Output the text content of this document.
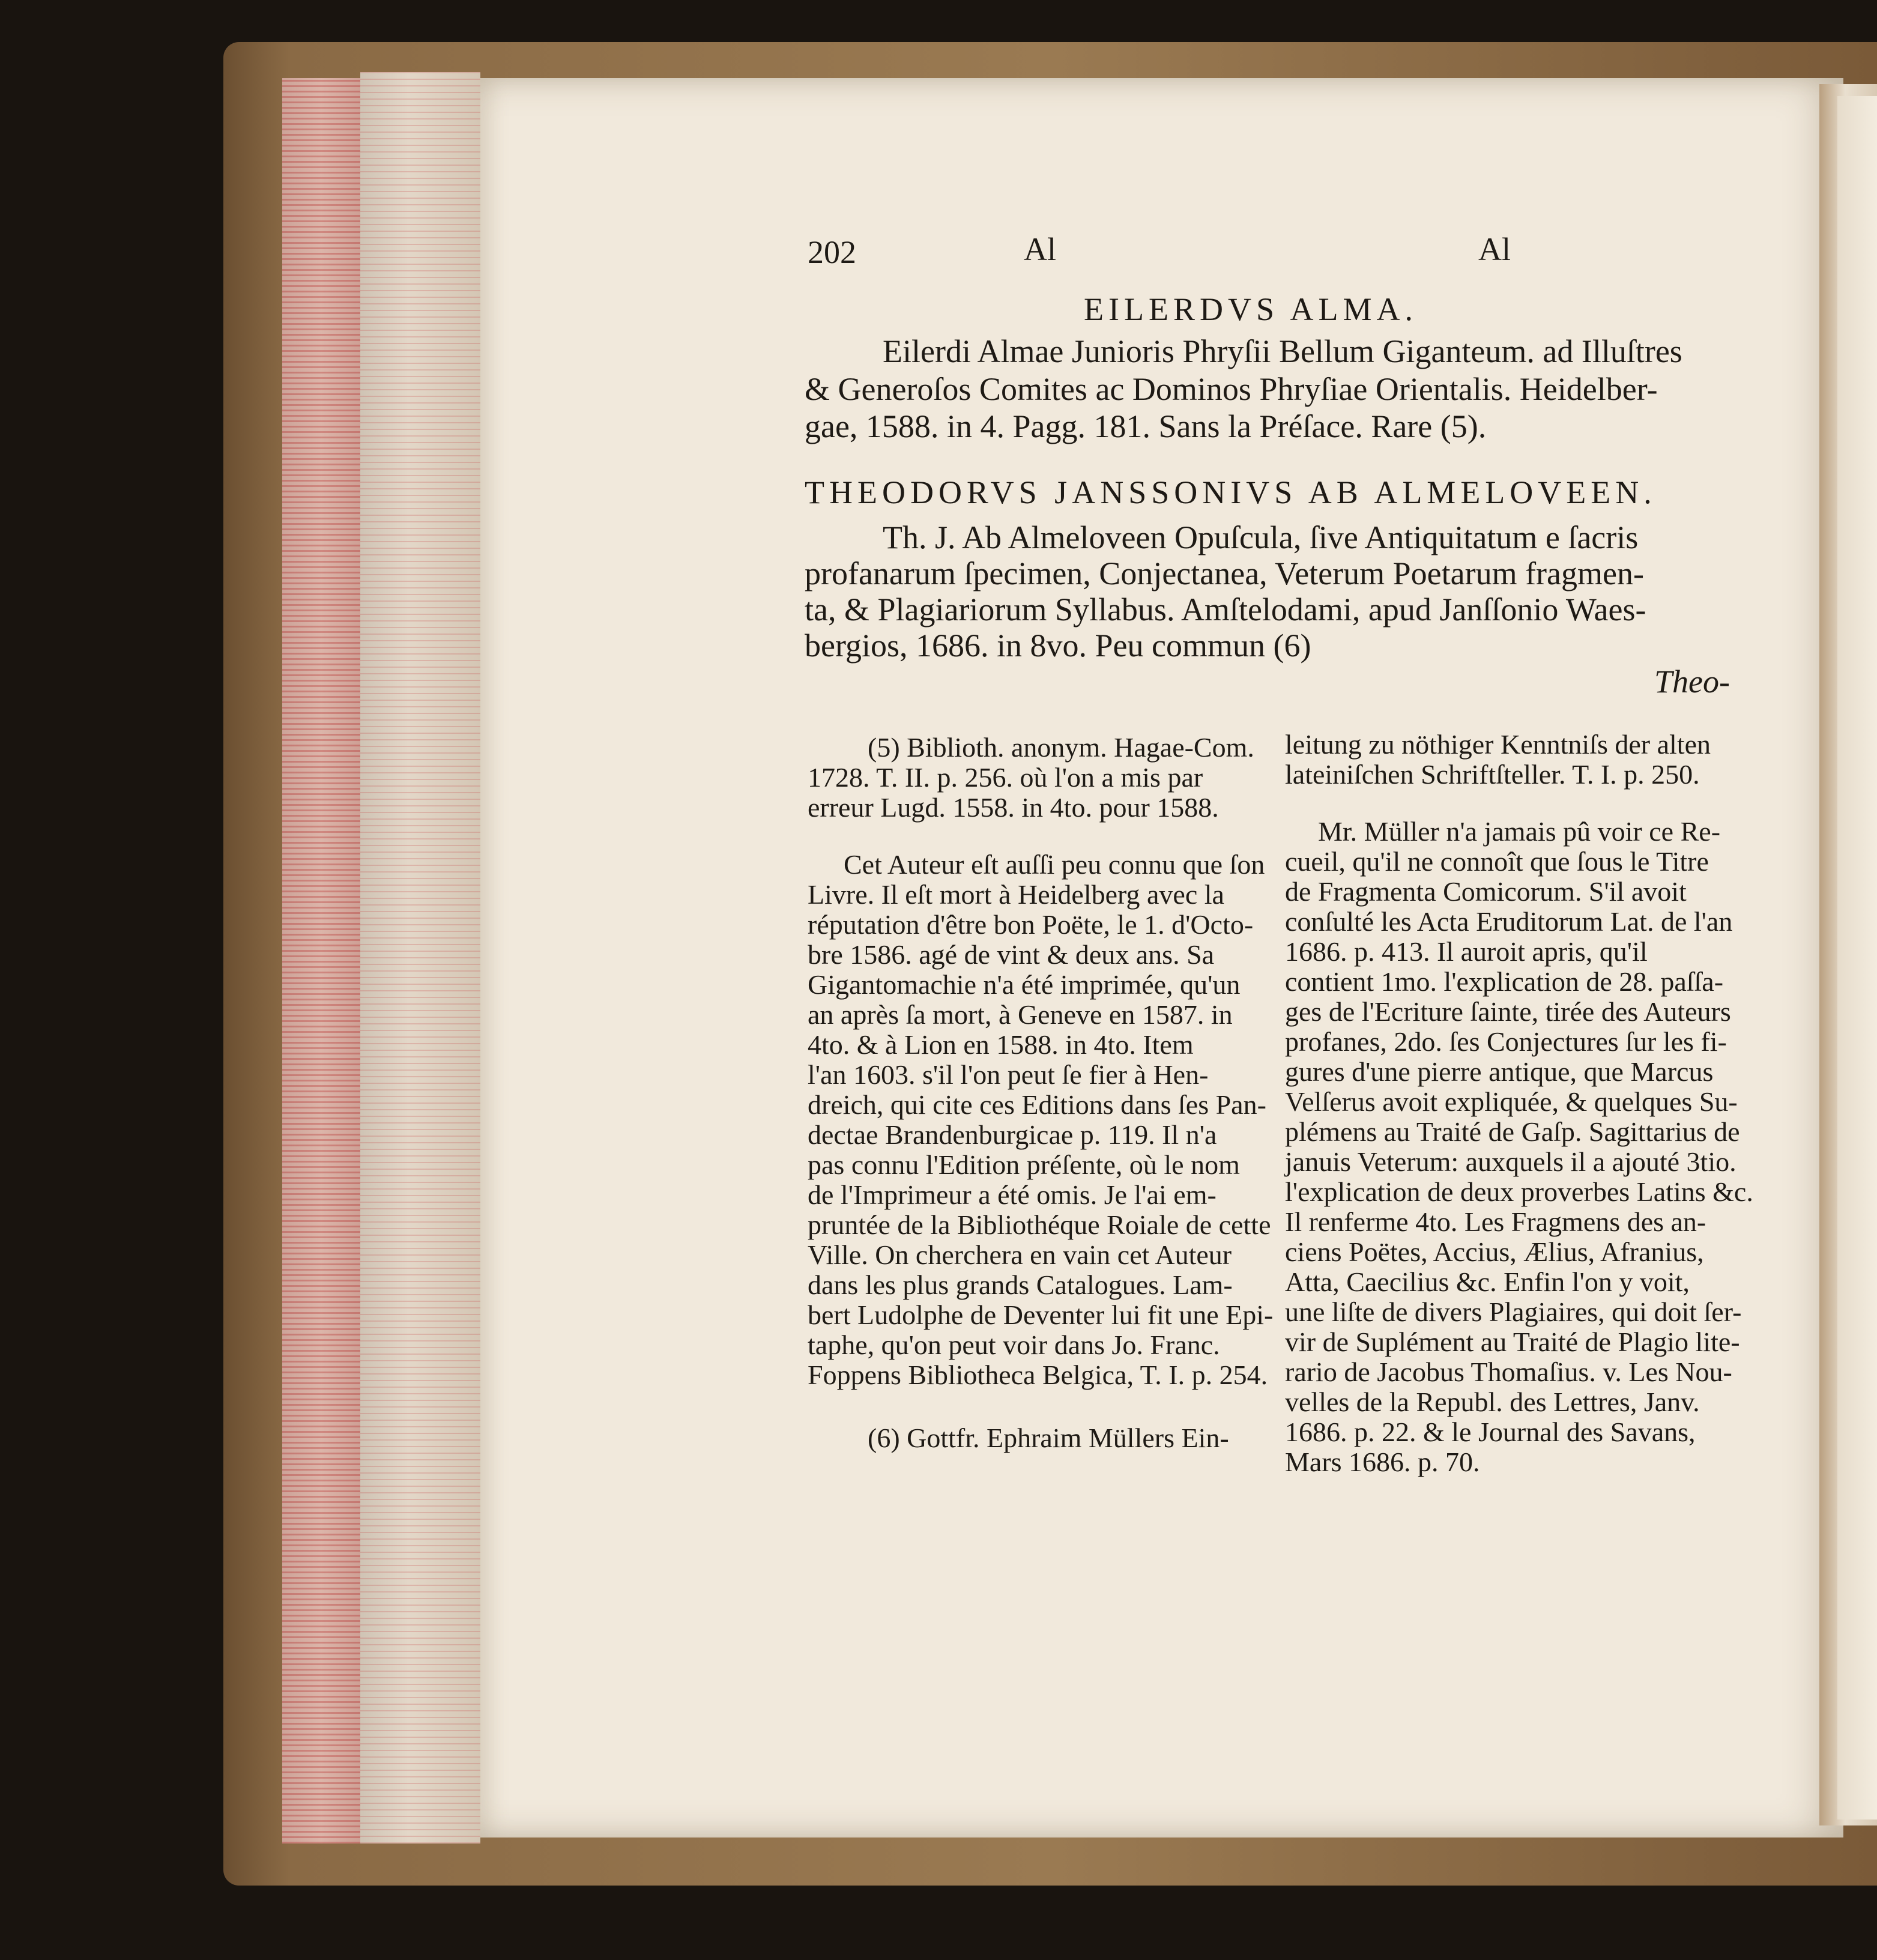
202	Al	Al
EILERDVS ALMA.
Eilerdi Almae Junioris Phryſii Bellum Giganteum. ad Illuſtres
& Generoſos Comites ac Dominos Phryſiae Orientalis. Heidelber-
gae, 1588. in 4. Pagg. 181. Sans la Préſace. Rare (5).
THEODORVS JANSSONIVS AB ALMELOVEEN.
Th. J. Ab Almeloveen Opuſcula, ſive Antiquitatum e ſacris
profanarum ſpecimen, Conjectanea, Veterum Poetarum fragmen-
ta, & Plagiariorum Syllabus. Amſtelodami, apud Janſſonio Waes-
bergios, 1686. in 8vo. Peu commun (6)
Theo-
(5) Biblioth. anonym. Hagae-Com.
1728. T. II. p. 256. où l'on a mis par
erreur Lugd. 1558. in 4to. pour 1588.
Cet Auteur eſt auſſi peu connu que ſon
Livre. Il eſt mort à Heidelberg avec la
réputation d'être bon Poëte, le 1. d'Octo-
bre 1586. agé de vint & deux ans. Sa
Gigantomachie n'a été imprimée, qu'un
an après ſa mort, à Geneve en 1587. in
4to. & à Lion en 1588. in 4to. Item
l'an 1603. s'il l'on peut ſe fier à Hen-
dreich, qui cite ces Editions dans ſes Pan-
dectae Brandenburgicae p. 119. Il n'a
pas connu l'Edition préſente, où le nom
de l'Imprimeur a été omis. Je l'ai em-
pruntée de la Bibliothéque Roiale de cette
Ville. On cherchera en vain cet Auteur
dans les plus grands Catalogues. Lam-
bert Ludolphe de Deventer lui fit une Epi-
taphe, qu'on peut voir dans Jo. Franc.
Foppens Bibliotheca Belgica, T. I. p. 254.
(6) Gottfr. Ephraim Müllers Ein-
leitung zu nöthiger Kenntniſs der alten
lateiniſchen Schriftſteller. T. I. p. 250.
Mr. Müller n'a jamais pû voir ce Re-
cueil, qu'il ne connoît que ſous le Titre
de Fragmenta Comicorum. S'il avoit
conſulté les Acta Eruditorum Lat. de l'an
1686. p. 413. Il auroit apris, qu'il
contient 1mo. l'explication de 28. paſſa-
ges de l'Ecriture ſainte, tirée des Auteurs
profanes, 2do. ſes Conjectures ſur les fi-
gures d'une pierre antique, que Marcus
Velſerus avoit expliquée, & quelques Su-
plémens au Traité de Gaſp. Sagittarius de
januis Veterum: auxquels il a ajouté 3tio.
l'explication de deux proverbes Latins &c.
Il renferme 4to. Les Fragmens des an-
ciens Poëtes, Accius, Ælius, Afranius,
Atta, Caecilius &c. Enfin l'on y voit,
une liſte de divers Plagiaires, qui doit ſer-
vir de Suplément au Traité de Plagio lite-
rario de Jacobus Thomaſius. v. Les Nou-
velles de la Republ. des Lettres, Janv.
1686. p. 22. & le Journal des Savans,
Mars 1686. p. 70.
